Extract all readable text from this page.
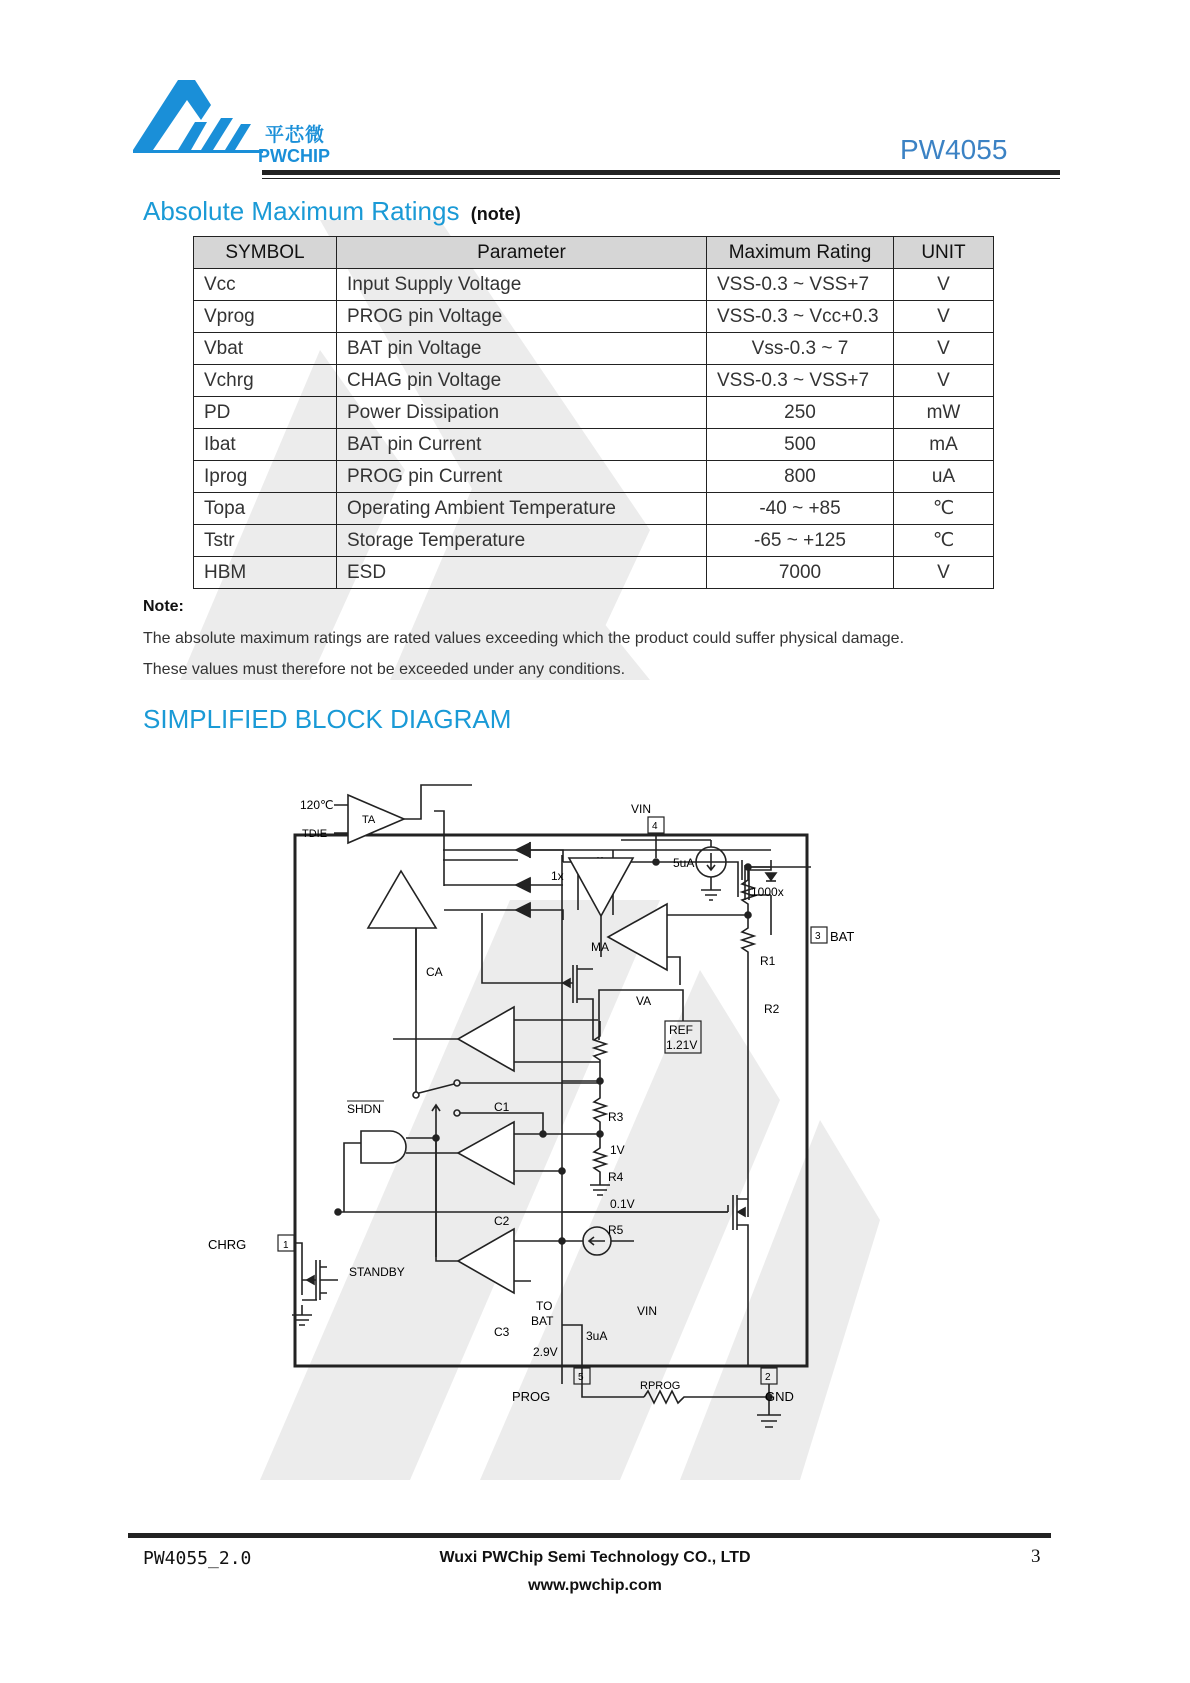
平芯微
PWCHIP	PW4055
Absolute Maximum Ratings (note)
SYMBOL	Parameter	Maximum Rating	UNIT
Vcc	Input Supply Voltage	VSS-0.3 ~ VSS+7	V
Vprog	PROG pin Voltage	VSS-0.3 ~ Vcc+0.3	V
Vbat	BAT pin Voltage	Vss-0.3 ~ 7	V
Vchrg	CHAG pin Voltage	VSS-0.3 ~ VSS+7	V
PD	Power Dissipation	250	mW
Ibat	BAT pin Current	500	mA
Iprog	PROG pin Current	800	uA
Topa	Operating Ambient Temperature	-40 ~ +85	℃
Tstr	Storage Temperature	-65 ~ +125	℃
HBM	ESD	7000	V
Note:
The absolute maximum ratings are rated values exceeding which the product could suffer physical damage.
These values must therefore not be exceeded under any conditions.
SIMPLIFIED BLOCK DIAGRAM
VIN
4
120℃
TA
TDIE
1x
1000x
5uA
3 BAT
MA
CA
VA
R1
R2
REF
1.21V
SHDN	C1
R3
1V
R4
0.1V
C2
R5
CHRG	1
STANDBY
TO
BAT
VIN
3uA
C3
2.9V
5
PROG
RPROG
2
GND
PW4055_2.0	Wuxi PWChip Semi Technology CO., LTD
www.pwchip.com
3
